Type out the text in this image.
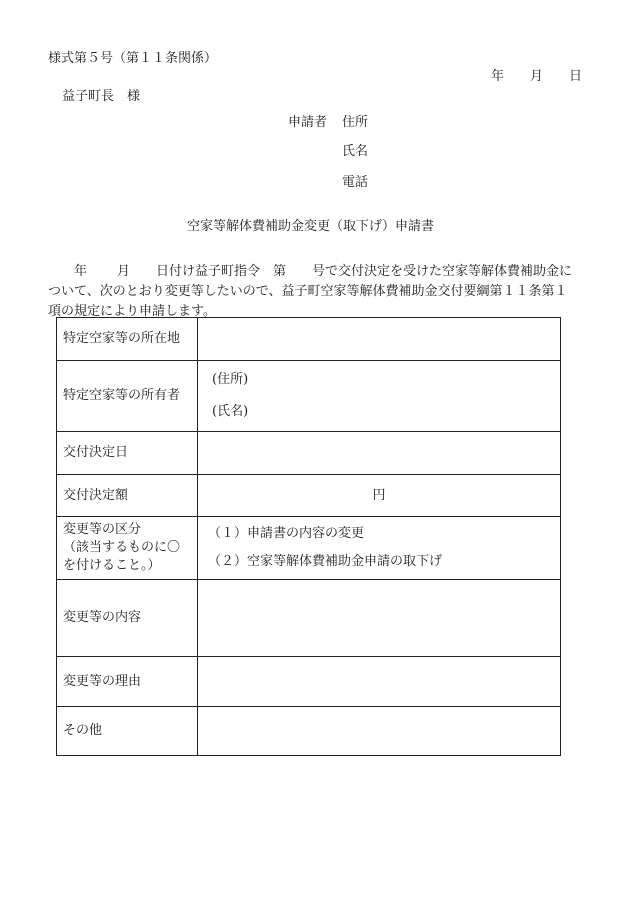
様式第５号（第１１条関係）
年 月 日
益子町長 様
申請者 住所
氏名
電話
空家等解体費補助金変更（取下げ）申請書
年 月 日付け益子町指令　第 号で交付決定を受けた空家等解体費補助金に
ついて、次のとおり変更等したいので、益子町空家等解体費補助金交付要綱第１１条第１
項の規定により申請します。
特定空家等の所在地	
特定空家等の所有者	(住所)
(氏名)

交付決定日	
交付決定額	円

変更等の区分
（該当するものに〇
を付けること。）	（１）申請書の内容の変更
（２）空家等解体費補助金申請の取下げ

変更等の内容	
変更等の理由	
その他	
